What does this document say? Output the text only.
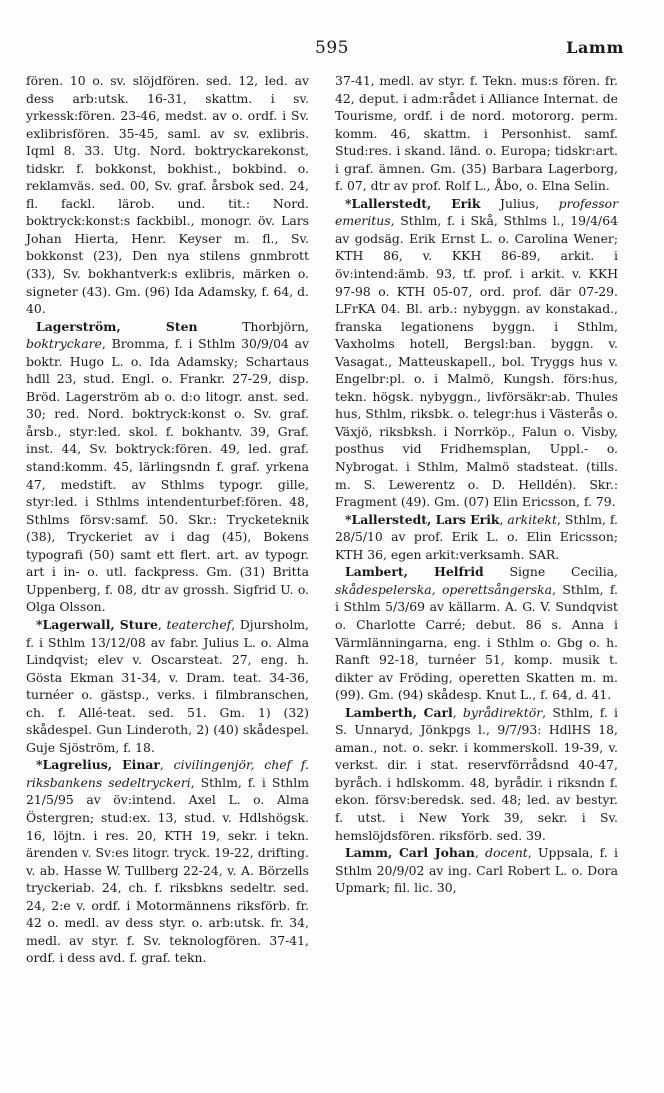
595	Lamm

fören. 10 o. sv. slöjdfören. sed. 12, led. av dess arb:utsk. 16-31, skattm. i sv. yrkessk:fören. 23-46, medst. av o. ordf. i Sv. exlibrisfören. 35-45, saml. av sv. exlibris. Iqml 8. 33. Utg. Nord. boktryckarekonst, tidskr. f. bokkonst, bokhist., bokbind. o. reklamväs. sed. 00, Sv. graf. årsbok sed. 24, fl. fackl. lärob. und. tit.: Nord. boktryck:konst:s fackbibl., monogr. öv. Lars Johan Hierta, Henr. Keyser m. fl., Sv. bokkonst (23), Den nya stilens gnmbrott (33), Sv. bokhantverk:s exlibris, märken o. signeter (43). Gm. (96) Ida Adamsky, f. 64, d. 40.

Lagerström, Sten Thorbjörn, boktryckare, Bromma, f. i Sthlm 30/9/04 av boktr. Hugo L. o. Ida Adamsky; Schartaus hdll 23, stud. Engl. o. Frankr. 27-29, disp. Bröd. Lagerström ab o. d:o litogr. anst. sed. 30; red. Nord. boktryck:konst o. Sv. graf. årsb., styr:led. skol. f. bokhantv. 39, Graf. inst. 44, Sv. boktryck:fören. 49, led. graf. stand:komm. 45, lärlingsndn f. graf. yrkena 47, medstift. av Sthlms typogr. gille, styr:led. i Sthlms intendenturbef:fören. 48, Sthlms försv:samf. 50. Skr.: Trycketeknik (38), Tryckeriet av i dag (45), Bokens typografi (50) samt ett flert. art. av typogr. art i in- o. utl. fackpress. Gm. (31) Britta Uppenberg, f. 08, dtr av grossh. Sigfrid U. o. Olga Olsson.

*Lagerwall, Sture, teaterchef, Djursholm, f. i Sthlm 13/12/08 av fabr. Julius L. o. Alma Lindqvist; elev v. Oscarsteat. 27, eng. h. Gösta Ekman 31-34, v. Dram. teat. 34-36, turnéer o. gästsp., verks. i filmbranschen, ch. f. Allé-teat. sed. 51. Gm. 1) (32) skådespel. Gun Linderoth, 2) (40) skådespel. Guje Sjöström, f. 18.

*Lagrelius, Einar, civilingenjör, chef f. riksbankens sedeltryckeri, Sthlm, f. i Sthlm 21/5/95 av öv:intend. Axel L. o. Alma Östergren; stud:ex. 13, stud. v. Hdlshögsk. 16, löjtn. i res. 20, KTH 19, sekr. i tekn. ärenden v. Sv:es litogr. tryck. 19-22, drifting. v. ab. Hasse W. Tullberg 22-24, v. A. Börzells tryckeriab. 24, ch. f. riksbkns sedeltr. sed. 24, 2:e v. ordf. i Motormännens riksförb. fr. 42 o. medl. av dess styr. o. arb:utsk. fr. 34, medl. av styr. f. Sv. teknologfören. 37-41, ordf. i dess avd. f. graf. tekn.

37-41, medl. av styr. f. Tekn. mus:s fören. fr. 42, deput. i adm:rådet i Alliance Internat. de Tourisme, ordf. i de nord. motororg. perm. komm. 46, skattm. i Personhist. samf. Stud:res. i skand. länd. o. Europa; tidskr:art. i graf. ämnen. Gm. (35) Barbara Lagerborg, f. 07, dtr av prof. Rolf L., Åbo, o. Elna Selin.

*Lallerstedt, Erik Julius, professor emeritus, Sthlm, f. i Skå, Sthlms l., 19/4/64 av godsäg. Erik Ernst L. o. Carolina Wener; KTH 86, v. KKH 86-89, arkit. i öv:intend:ämb. 93, tf. prof. i arkit. v. KKH 97-98 o. KTH 05-07, ord. prof. där 07-29. LFrKA 04. Bl. arb.: nybyggn. av konstakad., franska legationens byggn. i Sthlm, Vaxholms hotell, Bergsl:ban. byggn. v. Vasagat., Matteuskapell., bol. Tryggs hus v. Engelbr:pl. o. i Malmö, Kungsh. förs:hus, tekn. högsk. nybyggn., livförsäkr:ab. Thules hus, Sthlm, riksbk. o. telegr:hus i Västerås o. Växjö, riksbksh. i Norrköp., Falun o. Visby, posthus vid Fridhemsplan, Uppl.- o. Nybrogat. i Sthlm, Malmö stadsteat. (tills. m. S. Lewerentz o. D. Helldén). Skr.: Fragment (49). Gm. (07) Elin Ericsson, f. 79.

*Lallerstedt, Lars Erik, arkitekt, Sthlm, f. 28/5/10 av prof. Erik L. o. Elin Ericsson; KTH 36, egen arkit:verksamh. SAR.

Lambert, Helfrid Signe Cecilia, skådespelerska, operettsångerska, Sthlm, f. i Sthlm 5/3/69 av källarm. A. G. V. Sundqvist o. Charlotte Carré; debut. 86 s. Anna i Värmlänningarna, eng. i Sthlm o. Gbg o. h. Ranft 92-18, turnéer 51, komp. musik t. dikter av Fröding, operetten Skatten m. m. (99). Gm. (94) skådesp. Knut L., f. 64, d. 41.

Lamberth, Carl, byrådirektör, Sthlm, f. i S. Unnaryd, Jönkpgs l., 9/7/93: HdlHS 18, aman., not. o. sekr. i kommerskoll. 19-39, v. verkst. dir. i stat. reservförrådsnd 40-47, byråch. i hdlskomm. 48, byrådir. i riksndn f. ekon. försv:beredsk. sed. 48; led. av bestyr. f. utst. i New York 39, sekr. i Sv. hemslöjdsfören. riksförb. sed. 39.

Lamm, Carl Johan, docent, Uppsala, f. i Sthlm 20/9/02 av ing. Carl Robert L. o. Dora Upmark; fil. lic. 30,
